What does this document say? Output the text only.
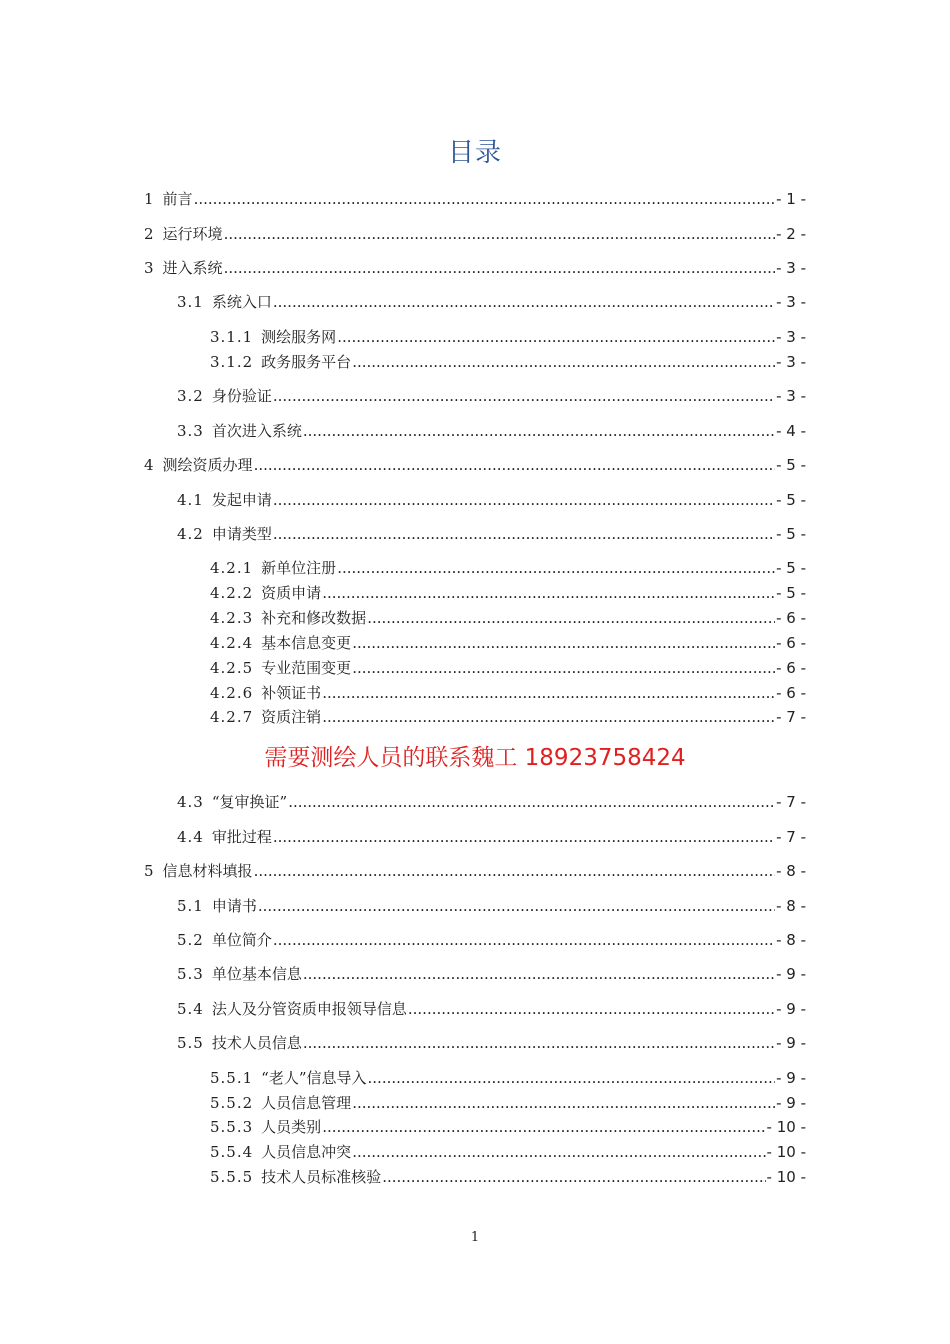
目录
1 前言 .....	- 1 -
2 运行环境 .....	- 2 -
3 进入系统 .....	- 3 -
3.1 系统入口 .....	- 3 -
3.1.1 测绘服务网 .....	- 3 -
3.1.2 政务服务平台 .....	- 3 -
3.2 身份验证 .....	- 3 -
3.3 首次进入系统 .....	- 4 -
4 测绘资质办理 .....	- 5 -
4.1 发起申请 .....	- 5 -
4.2 申请类型 .....	- 5 -
4.2.1 新单位注册 .....	- 5 -
4.2.2 资质申请 .....	- 5 -
4.2.3 补充和修改数据 .....	- 6 -
4.2.4 基本信息变更 .....	- 6 -
4.2.5 专业范围变更 .....	- 6 -
4.2.6 补领证书 .....	- 6 -
4.2.7 资质注销 .....	- 7 -
需要测绘人员的联系魏工 18923758424
4.3 “复审换证” .....	- 7 -
4.4 审批过程 .....	- 7 -
5 信息材料填报 .....	- 8 -
5.1 申请书 .....	- 8 -
5.2 单位简介 .....	- 8 -
5.3 单位基本信息 .....	- 9 -
5.4 法人及分管资质申报领导信息 .....	- 9 -
5.5 技术人员信息 .....	- 9 -
5.5.1 “老人”信息导入 .....	- 9 -
5.5.2 人员信息管理 .....	- 9 -
5.5.3 人员类别 .....	- 10 -
5.5.4 人员信息冲突 .....	- 10 -
5.5.5 技术人员标准核验 .....	- 10 -
1
